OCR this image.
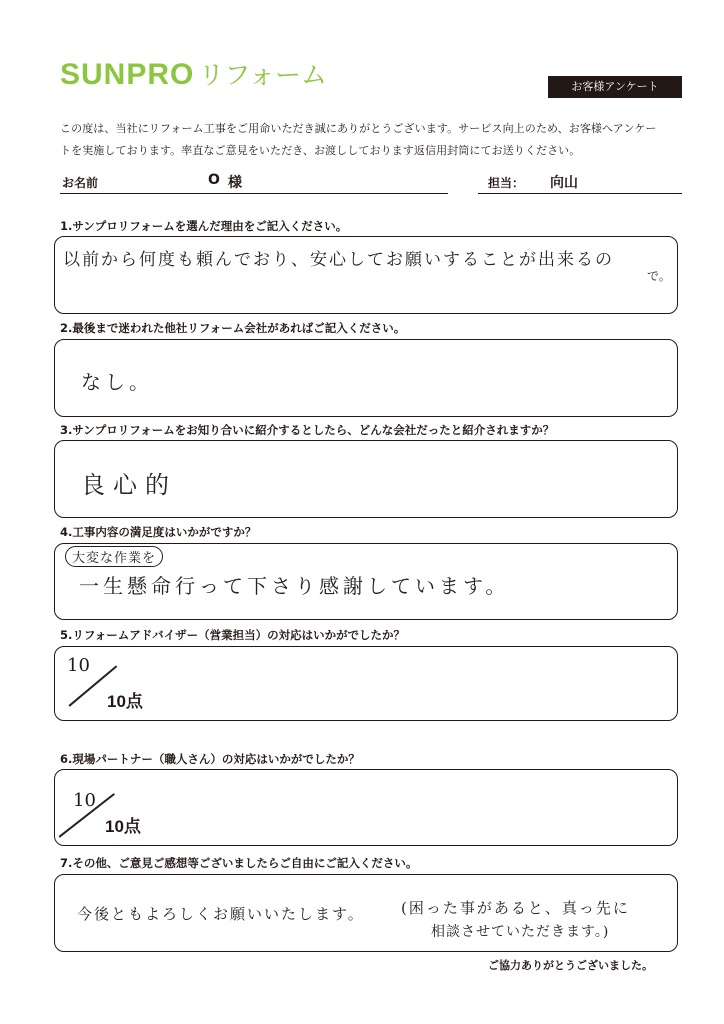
SUNPRO リフォーム	お客様アンケート
この度は、当社にリフォーム工事をご用命いただき誠にありがとうございます。サービス向上のため、お客様へアンケー
トを実施しております。率直なご意見をいただき、お渡ししております返信用封筒にてお送りください。
お名前	O 様	担当： 向山
1.サンプロリフォームを選んだ理由をご記入ください。
以前から何度も頼んでおり、安心してお願いすることが出来るの
で。
2.最後まで迷われた他社リフォーム会社があればご記入ください。
なし。
3.サンプロリフォームをお知り合いに紹介するとしたら、どんな会社だったと紹介されますか？
良心的
4.工事内容の満足度はいかがですか？
大変な作業を
一生懸命行って下さり感謝しています。
5.リフォームアドバイザー（営業担当）の対応はいかがでしたか？
10
10点
6.現場パートナー（職人さん）の対応はいかがでしたか？
10
10点
7.その他、ご意見ご感想等ございましたらご自由にご記入ください。
今後ともよろしくお願いいたします。 (困った事があると、真っ先に
相談させていただきます。)
ご協力ありがとうございました。
